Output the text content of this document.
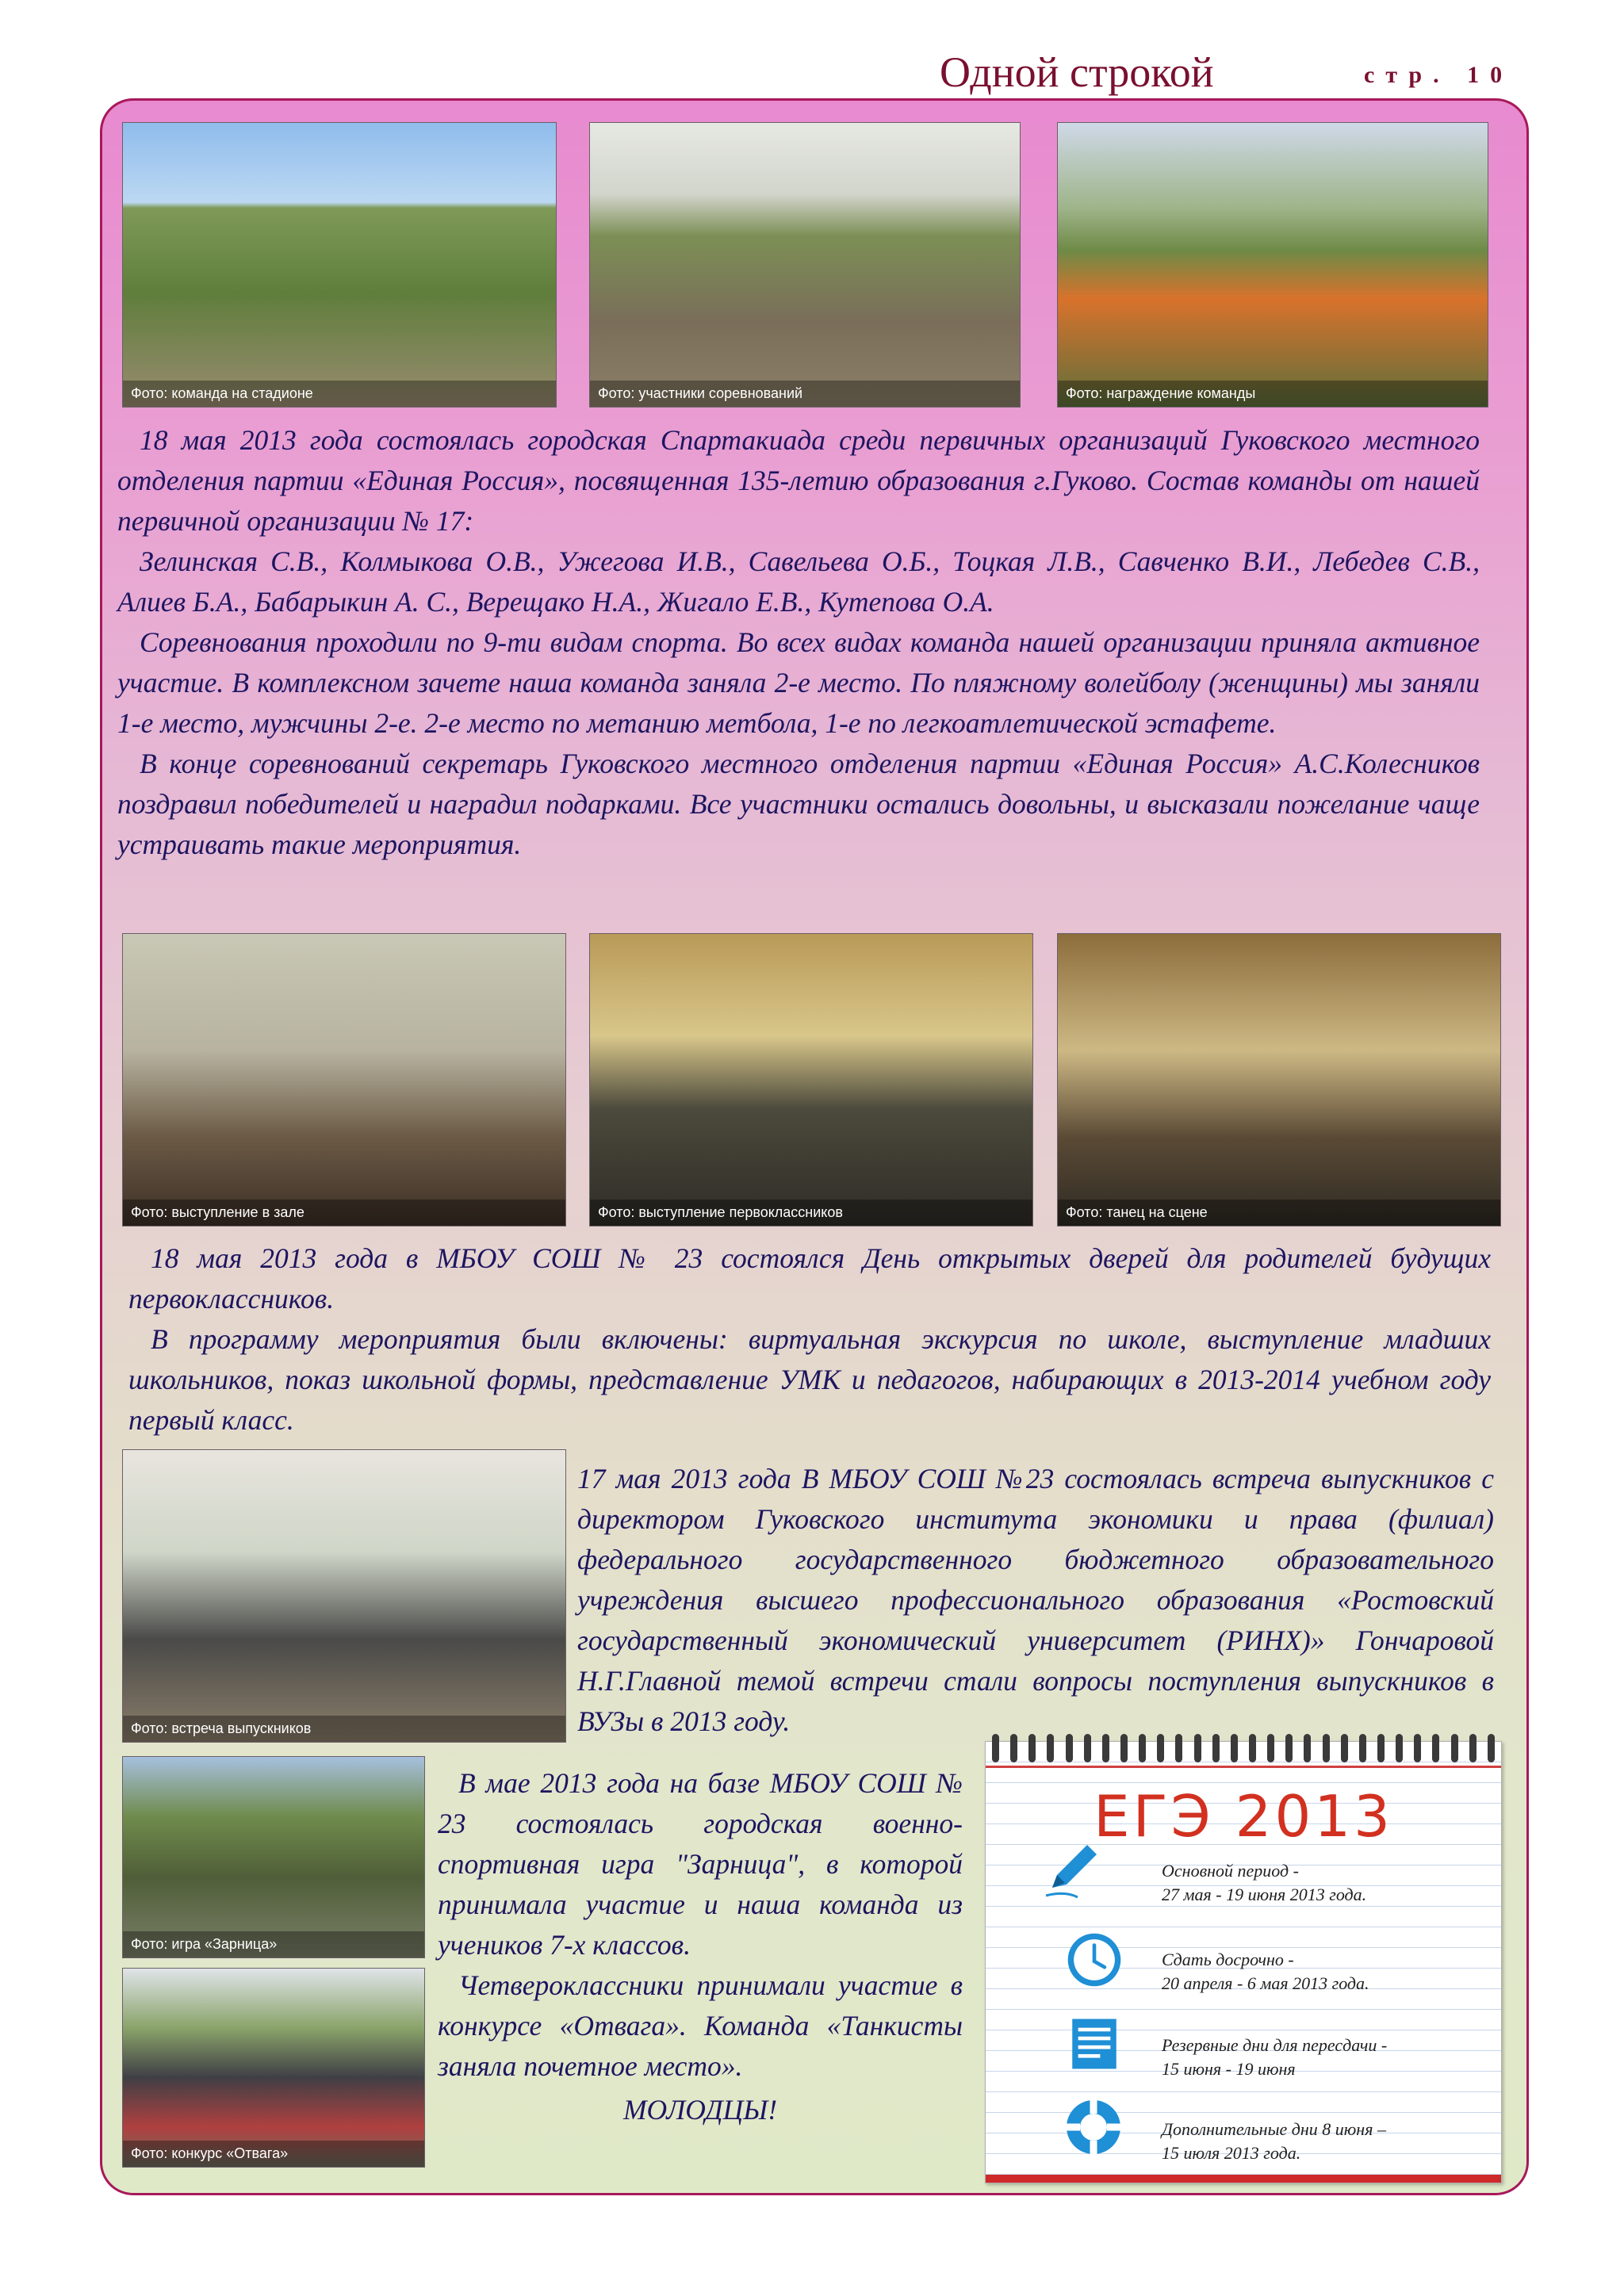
Одной строкой	стр. 10
Фото: команда на стадионе	Фото: участники соревнований	Фото: награждение команды

18 мая 2013 года состоялась городская Спартакиада среди первичных организаций Гуковского местного отделения партии «Единая Россия», посвященная 135-летию образования г.Гуково. Состав команды от нашей первичной организации № 17:

Зелинская С.В., Колмыкова О.В., Ужегова И.В., Савельева О.Б., Тоцкая Л.В., Савченко В.И., Лебедев С.В., Алиев Б.А., Бабарыкин А. С., Верещако Н.А., Жигало Е.В., Кутепова О.А.

Соревнования проходили по 9-ти видам спорта. Во всех видах команда нашей организации приняла активное участие. В комплексном зачете наша команда заняла 2-е место. По пляжному волейболу (женщины) мы заняли 1-е место, мужчины 2-е. 2-е место по метанию метбола, 1-е по легкоатлетической эстафете.

В конце соревнований секретарь Гуковского местного отделения партии «Единая Россия» А.С.Колесников поздравил победителей и наградил подарками. Все участники остались довольны, и высказали пожелание чаще устраивать такие мероприятия.

Фото: выступление в зале	Фото: выступление первоклассников	Фото: танец на сцене

18 мая 2013 года в МБОУ СОШ № 23 состоялся День открытых дверей для родителей будущих первоклассников.

В программу мероприятия были включены: виртуальная экскурсия по школе, выступление младших школьников, показ школьной формы, представление УМК и педагогов, набирающих в 2013-2014 учебном году первый класс.

Фото: встреча выпускников

17 мая 2013 года В МБОУ СОШ №23 состоялась встреча выпускников с директором Гуковского института экономики и права (филиал) федерального государственного бюджетного образовательного учреждения высшего профессионального образования «Ростовский государственный экономический университет (РИНХ)» Гончаровой Н.Г.Главной темой встречи стали вопросы поступления выпускников в ВУЗы в 2013 году.

Фото: игра «Зарница»
Фото: конкурс «Отвага»

В мае 2013 года на базе МБОУ СОШ № 23 состоялась городская военно-спортивная игра "Зарница", в которой принимала участие и наша команда из учеников 7-х классов.

Четвероклассники принимали участие в конкурсе «Отвага». Команда «Танкисты заняла почетное место».

МОЛОДЦЫ!

ЕГЭ 2013
Основной период -
27 мая - 19 июня 2013 года.
Сдать досрочно -
20 апреля - 6 мая 2013 года.
Резервные дни для пересдачи -
15 июня - 19 июня
Дополнительные дни 8 июня –
15 июля 2013 года.
